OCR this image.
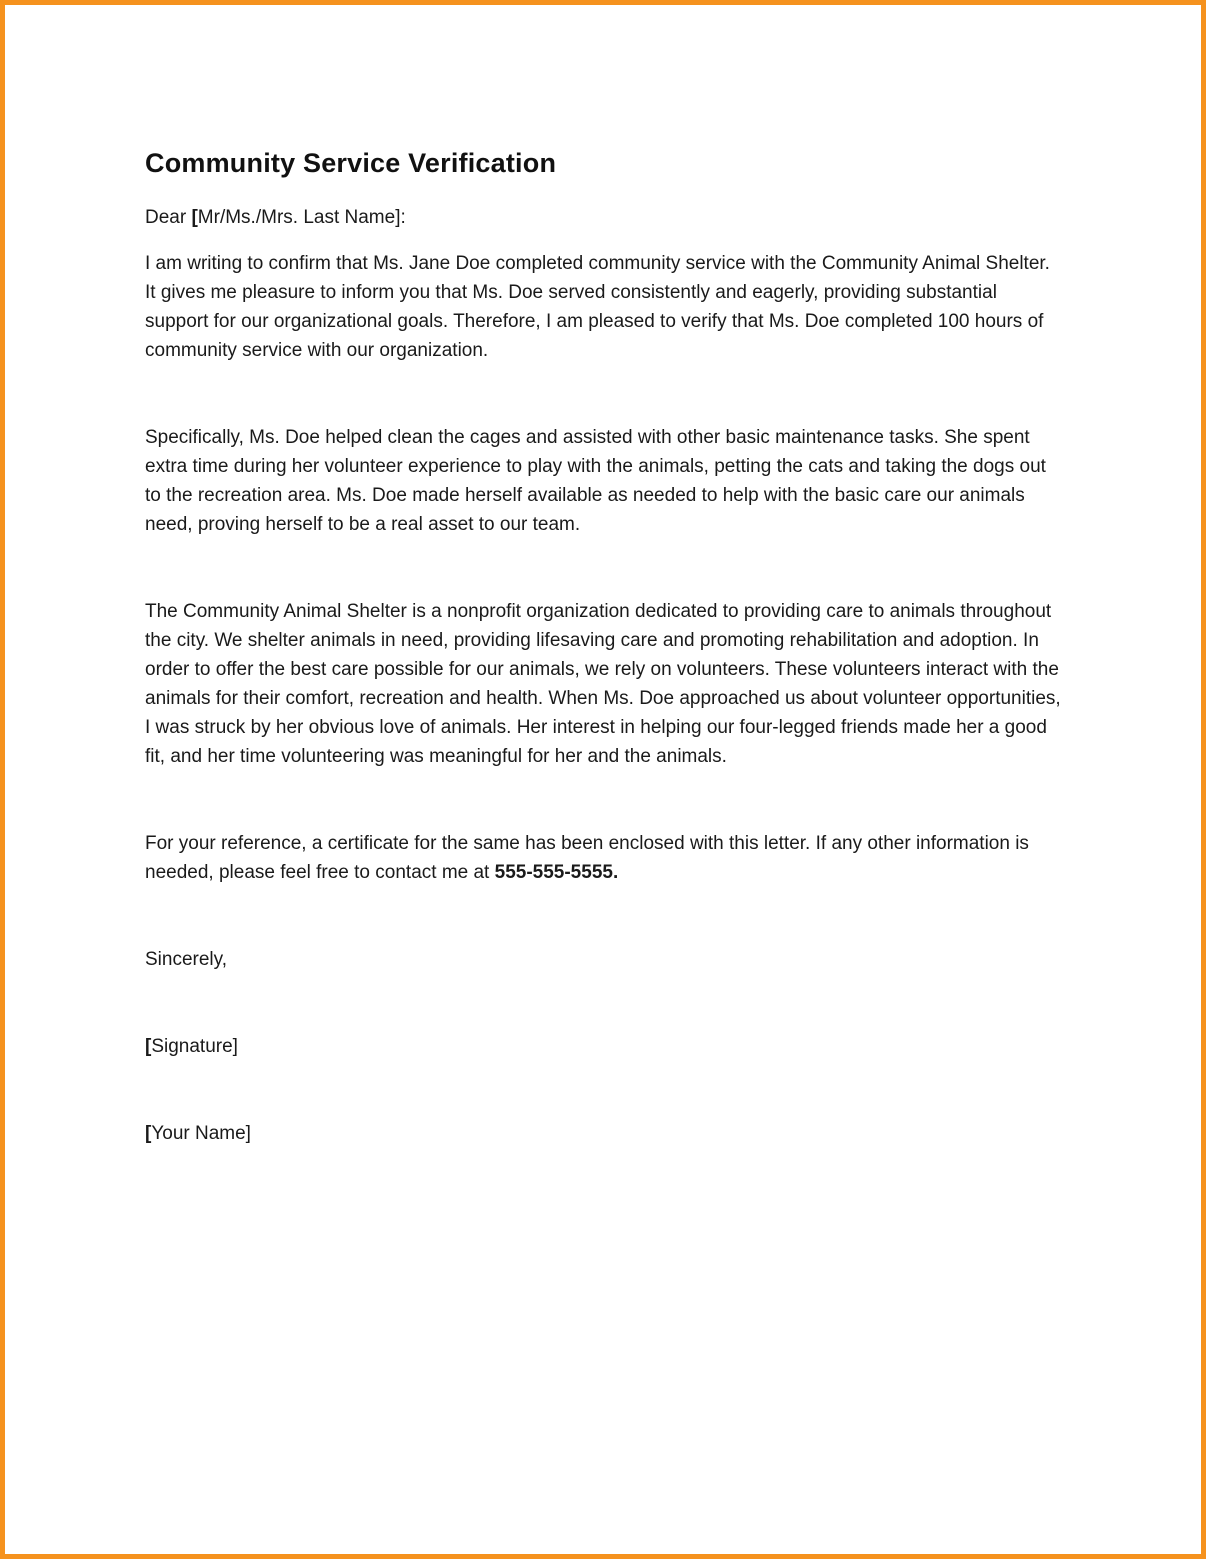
Community Service Verification

Dear [Mr/Ms./Mrs. Last Name]:

I am writing to confirm that Ms. Jane Doe completed community service with the Community Animal Shelter. It gives me pleasure to inform you that Ms. Doe served consistently and eagerly, providing substantial support for our organizational goals. Therefore, I am pleased to verify that Ms. Doe completed 100 hours of community service with our organization.

Specifically, Ms. Doe helped clean the cages and assisted with other basic maintenance tasks. She spent extra time during her volunteer experience to play with the animals, petting the cats and taking the dogs out to the recreation area. Ms. Doe made herself available as needed to help with the basic care our animals need, proving herself to be a real asset to our team.

The Community Animal Shelter is a nonprofit organization dedicated to providing care to animals throughout the city. We shelter animals in need, providing lifesaving care and promoting rehabilitation and adoption. In order to offer the best care possible for our animals, we rely on volunteers. These volunteers interact with the animals for their comfort, recreation and health. When Ms. Doe approached us about volunteer opportunities, I was struck by her obvious love of animals. Her interest in helping our four-legged friends made her a good fit, and her time volunteering was meaningful for her and the animals.

For your reference, a certificate for the same has been enclosed with this letter. If any other information is needed, please feel free to contact me at 555-555-5555.

Sincerely,

[Signature]

[Your Name]
